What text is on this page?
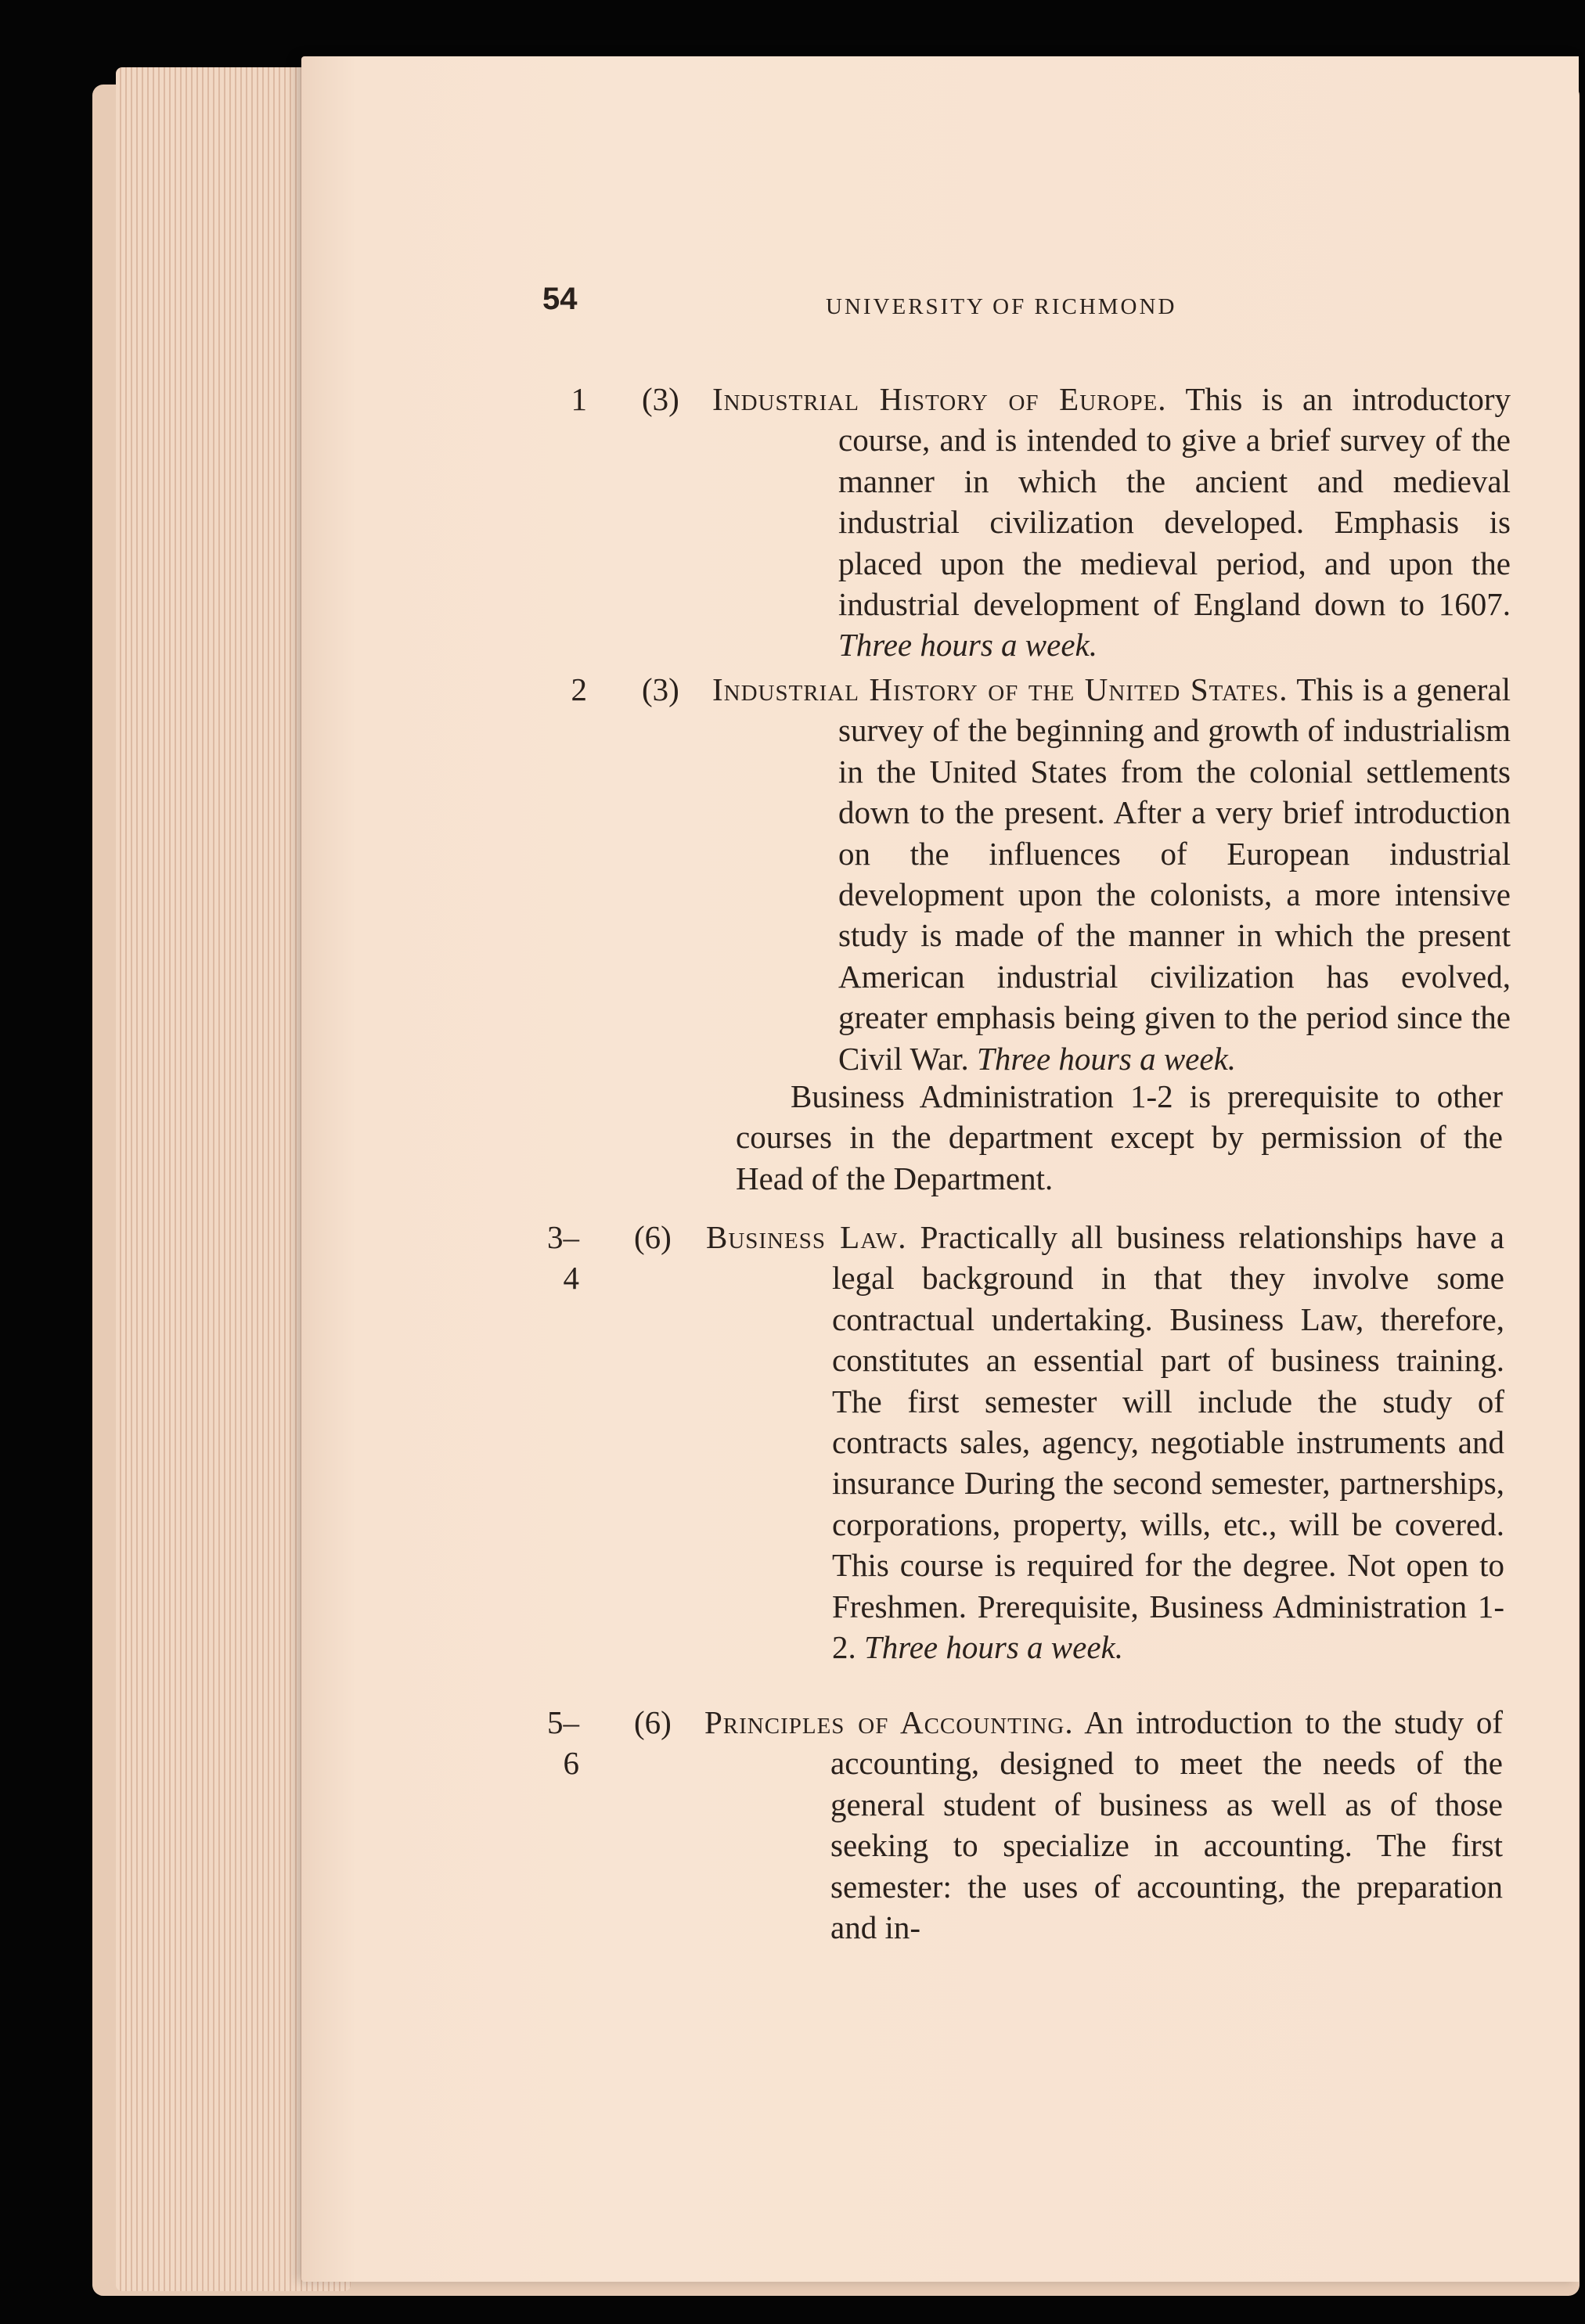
54	UNIVERSITY OF RICHMOND
1 (3) Industrial History of Europe. This is an introductory course, and is intended to give a brief survey of the manner in which the ancient and medieval industrial civilization developed. Emphasis is placed upon the medieval period, and upon the industrial development of England down to 1607. Three hours a week.
2 (3) Industrial History of the United States. This is a general survey of the beginning and growth of industrialism in the United States from the colonial settlements down to the present. After a very brief introduction on the influences of European industrial development upon the colonists, a more intensive study is made of the manner in which the present American industrial civilization has evolved, greater emphasis being given to the period since the Civil War. Three hours a week.
Business Administration 1-2 is prerequisite to other courses in the department except by permission of the Head of the Department.
3–4
(6) Business Law. Practically all business relationships have a legal background in that they involve some contractual undertaking. Business Law, therefore, constitutes an essential part of business training. The first semester will include the study of contracts sales, agency, negotiable instruments and insurance During the second semester, partnerships, corporations, property, wills, etc., will be covered. This course is required for the degree. Not open to Freshmen. Prerequisite, Business Administration 1-2. Three hours a week.
5–6
(6) Principles of Accounting. An introduction to the study of accounting, designed to meet the needs of the general student of business as well as of those seeking to specialize in accounting. The first semester: the uses of accounting, the preparation and in-
